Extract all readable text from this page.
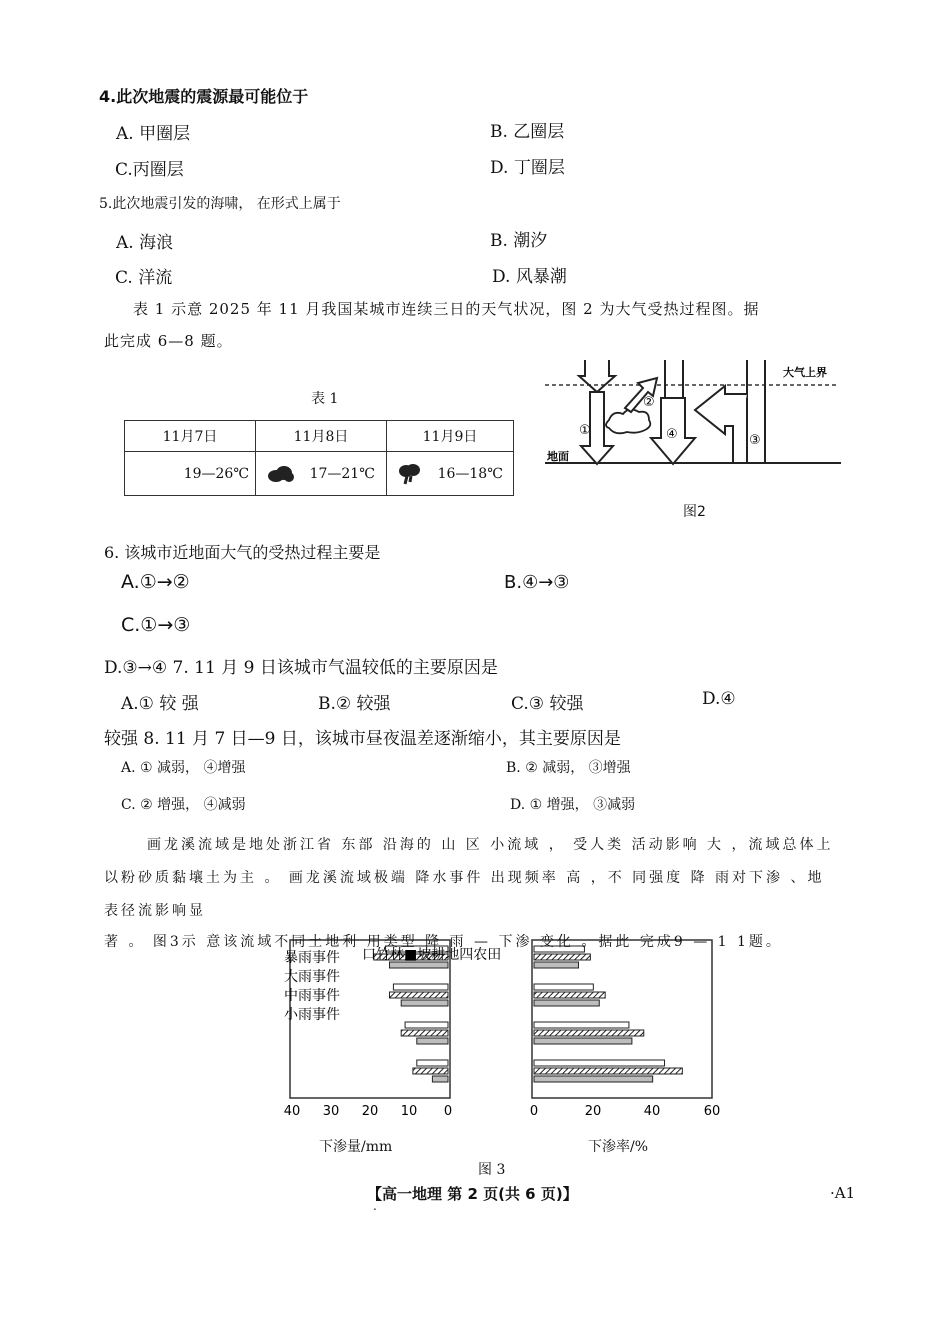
4.此次地震的震源最可能位于
A. 甲圈层	B. 乙圈层
C.丙圈层	D. 丁圈层
5.此次地震引发的海啸， 在形式上属于
A. 海浪	B. 潮汐
C. 洋流	D. 风暴潮
表 1 示意 2025 年 11 月我国某城市连续三日的天气状况，图 2 为大气受热过程图。据
此完成 6—8 题。
表 1
11月7日	11月8日	11月9日
19—26℃	17—21℃	16—18℃
①
②
④	③
大气上界
地面
图2
6. 该城市近地面大气的受热过程主要是
A.①→②	B.④→③
C.①→③
D.③→④ 7. 11 月 9 日该城市气温较低的主要原因是
A.① 较 强	B.② 较强	C.③ 较强	D.④
较强 8. 11 月 7 日—9 日，该城市昼夜温差逐渐缩小，其主要原因是
A. ① 减弱， ④增强	B. ② 减弱， ③增强
C. ② 增强， ④减弱	D. ① 增强， ③减弱
画龙溪流域是地处浙江省 东部 沿海的 山 区 小流域 ， 受人类 活动影响 大 ，流域总体上
以粉砂质黏壤土为主 。 画龙溪流域极端 降水事件 出现频率 高 ，不 同强度 降 雨对下渗 、地
表径流影响显
著 。 图3示 意该流域不同土地利 用类型 降 雨 — 下渗 变化 。据此 完成9 — 1 1题。
暴雨事件
大雨事件
中雨事件
小雨事件
口竹林■坡耕地四农田
40 30 20 10 0	0	20	40	60
下渗量/mm	下渗率/%
图 3
【高一地理 第 2 页(共 6 页)】	·A1
.
